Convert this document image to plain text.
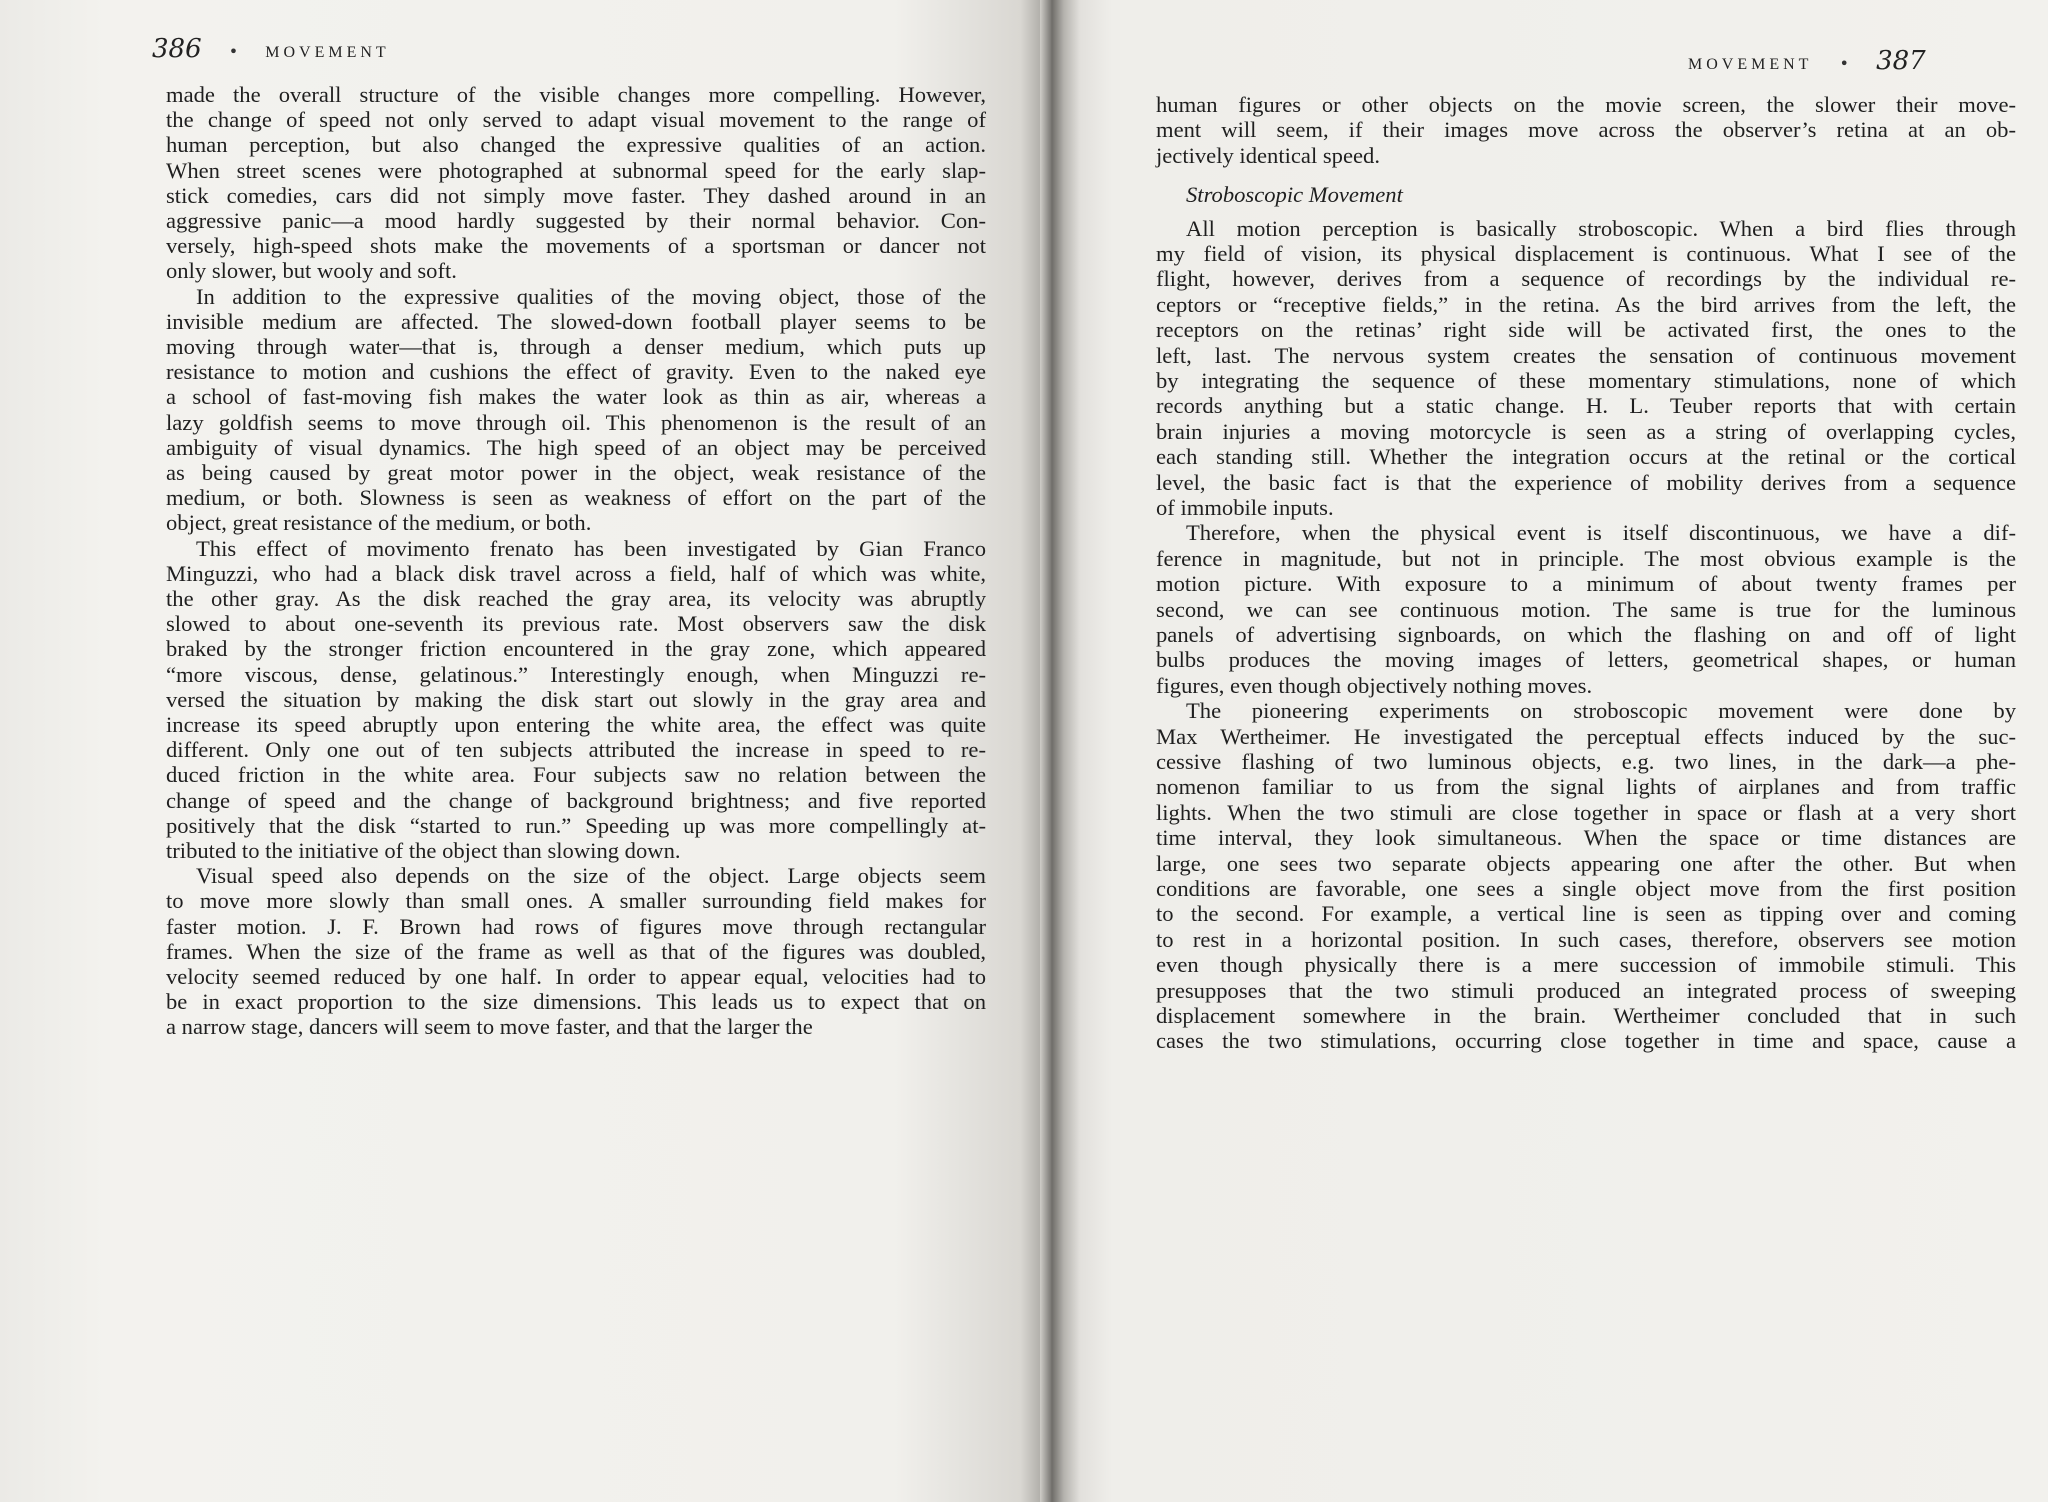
386 • MOVEMENT
made the overall structure of the visible changes more compelling. However,
the change of speed not only served to adapt visual movement to the range of
human perception, but also changed the expressive qualities of an action.
When street scenes were photographed at subnormal speed for the early slap-
stick comedies, cars did not simply move faster. They dashed around in an
aggressive panic—a mood hardly suggested by their normal behavior. Con-
versely, high-speed shots make the movements of a sportsman or dancer not
only slower, but wooly and soft.
In addition to the expressive qualities of the moving object, those of the
invisible medium are affected. The slowed-down football player seems to be
moving through water—that is, through a denser medium, which puts up
resistance to motion and cushions the effect of gravity. Even to the naked eye
a school of fast-moving fish makes the water look as thin as air, whereas a
lazy goldfish seems to move through oil. This phenomenon is the result of an
ambiguity of visual dynamics. The high speed of an object may be perceived
as being caused by great motor power in the object, weak resistance of the
medium, or both. Slowness is seen as weakness of effort on the part of the
object, great resistance of the medium, or both.
This effect of movimento frenato has been investigated by Gian Franco
Minguzzi, who had a black disk travel across a field, half of which was white,
the other gray. As the disk reached the gray area, its velocity was abruptly
slowed to about one-seventh its previous rate. Most observers saw the disk
braked by the stronger friction encountered in the gray zone, which appeared
“more viscous, dense, gelatinous.” Interestingly enough, when Minguzzi re-
versed the situation by making the disk start out slowly in the gray area and
increase its speed abruptly upon entering the white area, the effect was quite
different. Only one out of ten subjects attributed the increase in speed to re-
duced friction in the white area. Four subjects saw no relation between the
change of speed and the change of background brightness; and five reported
positively that the disk “started to run.” Speeding up was more compellingly at-
tributed to the initiative of the object than slowing down.
Visual speed also depends on the size of the object. Large objects seem
to move more slowly than small ones. A smaller surrounding field makes for
faster motion. J. F. Brown had rows of figures move through rectangular
frames. When the size of the frame as well as that of the figures was doubled,
velocity seemed reduced by one half. In order to appear equal, velocities had to
be in exact proportion to the size dimensions. This leads us to expect that on
a narrow stage, dancers will seem to move faster, and that the larger the
MOVEMENT • 387
human figures or other objects on the movie screen, the slower their move-
ment will seem, if their images move across the observer’s retina at an ob-
jectively identical speed.
Stroboscopic Movement
All motion perception is basically stroboscopic. When a bird flies through
my field of vision, its physical displacement is continuous. What I see of the
flight, however, derives from a sequence of recordings by the individual re-
ceptors or “receptive fields,” in the retina. As the bird arrives from the left, the
receptors on the retinas’ right side will be activated first, the ones to the
left, last. The nervous system creates the sensation of continuous movement
by integrating the sequence of these momentary stimulations, none of which
records anything but a static change. H. L. Teuber reports that with certain
brain injuries a moving motorcycle is seen as a string of overlapping cycles,
each standing still. Whether the integration occurs at the retinal or the cortical
level, the basic fact is that the experience of mobility derives from a sequence
of immobile inputs.
Therefore, when the physical event is itself discontinuous, we have a dif-
ference in magnitude, but not in principle. The most obvious example is the
motion picture. With exposure to a minimum of about twenty frames per
second, we can see continuous motion. The same is true for the luminous
panels of advertising signboards, on which the flashing on and off of light
bulbs produces the moving images of letters, geometrical shapes, or human
figures, even though objectively nothing moves.
The pioneering experiments on stroboscopic movement were done by
Max Wertheimer. He investigated the perceptual effects induced by the suc-
cessive flashing of two luminous objects, e.g. two lines, in the dark—a phe-
nomenon familiar to us from the signal lights of airplanes and from traffic
lights. When the two stimuli are close together in space or flash at a very short
time interval, they look simultaneous. When the space or time distances are
large, one sees two separate objects appearing one after the other. But when
conditions are favorable, one sees a single object move from the first position
to the second. For example, a vertical line is seen as tipping over and coming
to rest in a horizontal position. In such cases, therefore, observers see motion
even though physically there is a mere succession of immobile stimuli. This
presupposes that the two stimuli produced an integrated process of sweeping
displacement somewhere in the brain. Wertheimer concluded that in such
cases the two stimulations, occurring close together in time and space, cause a
